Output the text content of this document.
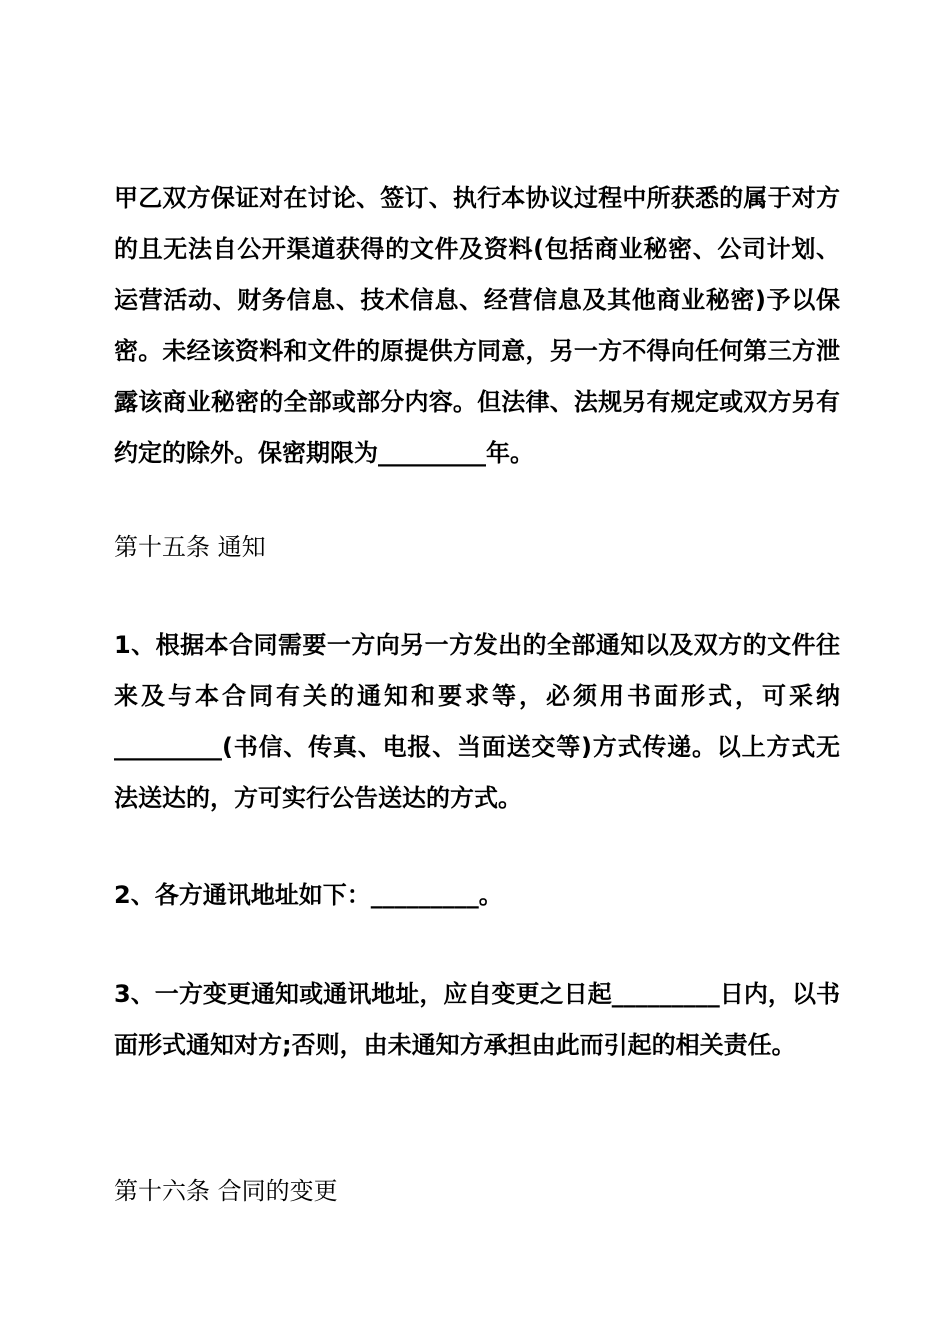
甲乙双方保证对在讨论、签订、执行本协议过程中所获悉的属于对方的且无法自公开渠道获得的文件及资料(包括商业秘密、公司计划、运营活动、财务信息、技术信息、经营信息及其他商业秘密)予以保密。未经该资料和文件的原提供方同意，另一方不得向任何第三方泄露该商业秘密的全部或部分内容。但法律、法规另有规定或双方另有约定的除外。保密期限为_________年。

第十五条 通知

1、根据本合同需要一方向另一方发出的全部通知以及双方的文件往来及与本合同有关的通知和要求等，必须用书面形式，可采纳_________(书信、传真、电报、当面送交等)方式传递。以上方式无法送达的，方可实行公告送达的方式。

2、各方通讯地址如下：_________。

3、一方变更通知或通讯地址，应自变更之日起_________日内，以书面形式通知对方;否则，由未通知方承担由此而引起的相关责任。

第十六条 合同的变更
